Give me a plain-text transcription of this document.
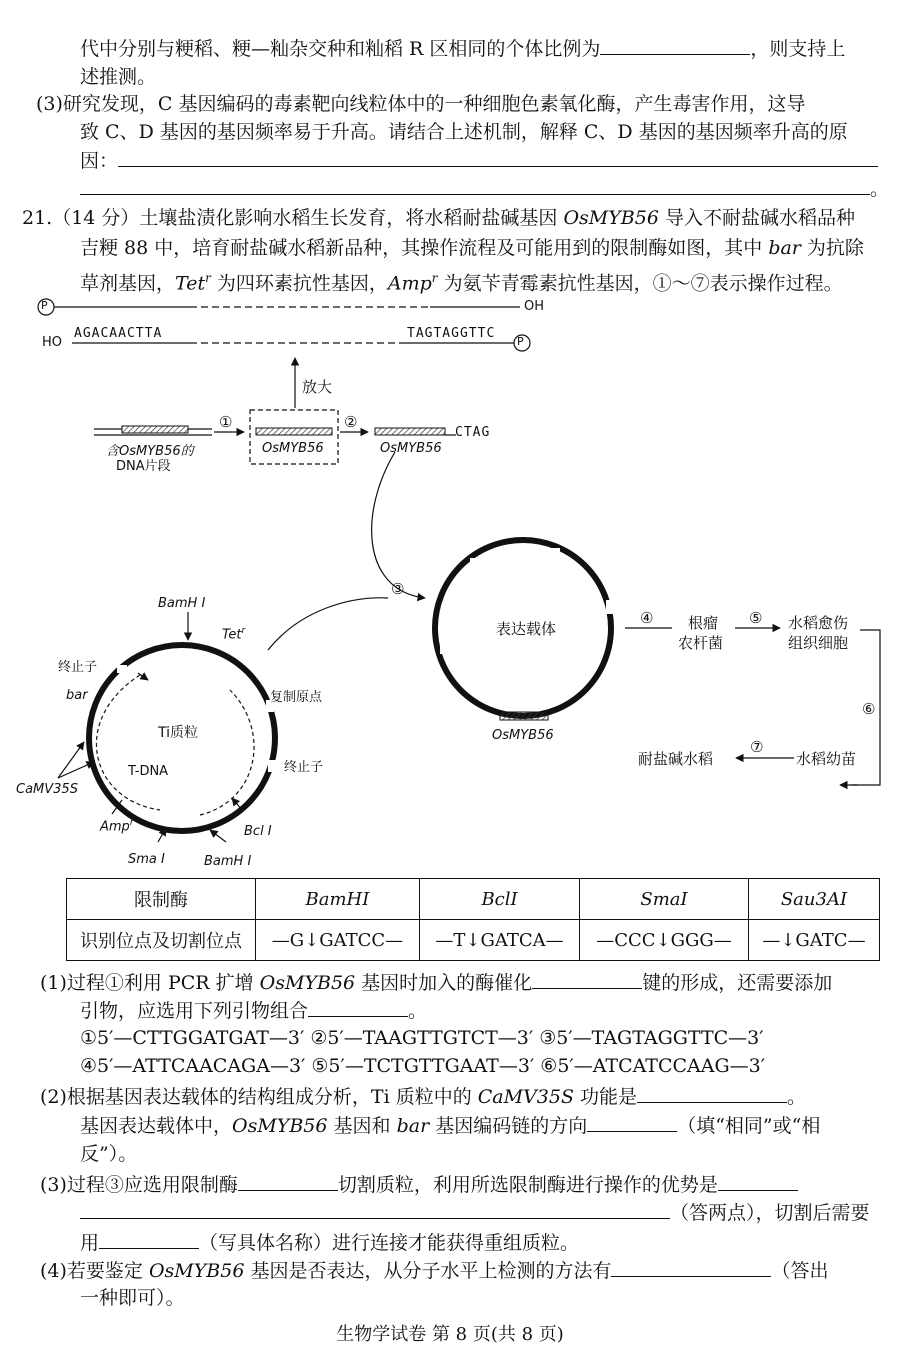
代中分别与粳稻、粳—籼杂交种和籼稻 R 区相同的个体比例为	，则支持上
述推测。
(3)研究发现，C 基因编码的毒素靶向线粒体中的一种细胞色素氧化酶，产生毒害作用，这导
致 C、D 基因的基因频率易于升高。请结合上述机制，解释 C、D 基因的基因频率升高的原
因：
。
21.（14 分）土壤盐渍化影响水稻生长发育，将水稻耐盐碱基因 OsMYB56 导入不耐盐碱水稻品种
吉粳 88 中，培育耐盐碱水稻新品种，其操作流程及可能用到的限制酶如图，其中 bar 为抗除
草剂基因，Tet$^r$ 为四环素抗性基因，Amp$^r$ 为氨苄青霉素抗性基因，①～⑦表示操作过程。
P	OH
HO
AGACAACTTA	TAGTAGGTTC
P
放大
①	②
含OsMYB56的
DNA片段
OsMYB56	OsMYB56
CTAG
③
表达载体
OsMYB56
④ 根瘤
农杆菌
⑤ 水稻愈伤
组织细胞
⑥
水稻幼苗
⑦
耐盐碱水稻
BamH Ⅰ
Tet$^r$
终止子
bar	复制原点
Ti质粒
T-DNA	终止子
CaMV35S
Amp$^r$
Bcl Ⅰ
Sma Ⅰ	BamH Ⅰ
限制酶	BamHⅠ	BclⅠ	SmaⅠ	Sau3AⅠ
识别位点及切割位点	—G↓GATCC—	—T↓GATCA—	—CCC↓GGG—	—↓GATC—
(1)过程①利用 PCR 扩增 OsMYB56 基因时加入的酶催化	键的形成，还需要添加
引物，应选用下列引物组合	。
①5′—CTTGGATGAT—3′ ②5′—TAAGTTGTCT—3′ ③5′—TAGTAGGTTC—3′
④5′—ATTCAACAGA—3′ ⑤5′—TCTGTTGAAT—3′ ⑥5′—ATCATCCAAG—3′
(2)根据基因表达载体的结构组成分析，Ti 质粒中的 CaMV35S 功能是	。
基因表达载体中，OsMYB56 基因和 bar 基因编码链的方向	（填“相同”或“相
反”）。
(3)过程③应选用限制酶	切割质粒，利用所选限制酶进行操作的优势是
（答两点），切割后需要
用	（写具体名称）进行连接才能获得重组质粒。
(4)若要鉴定 OsMYB56 基因是否表达，从分子水平上检测的方法有	（答出
一种即可）。
生物学试卷 第 8 页(共 8 页)
